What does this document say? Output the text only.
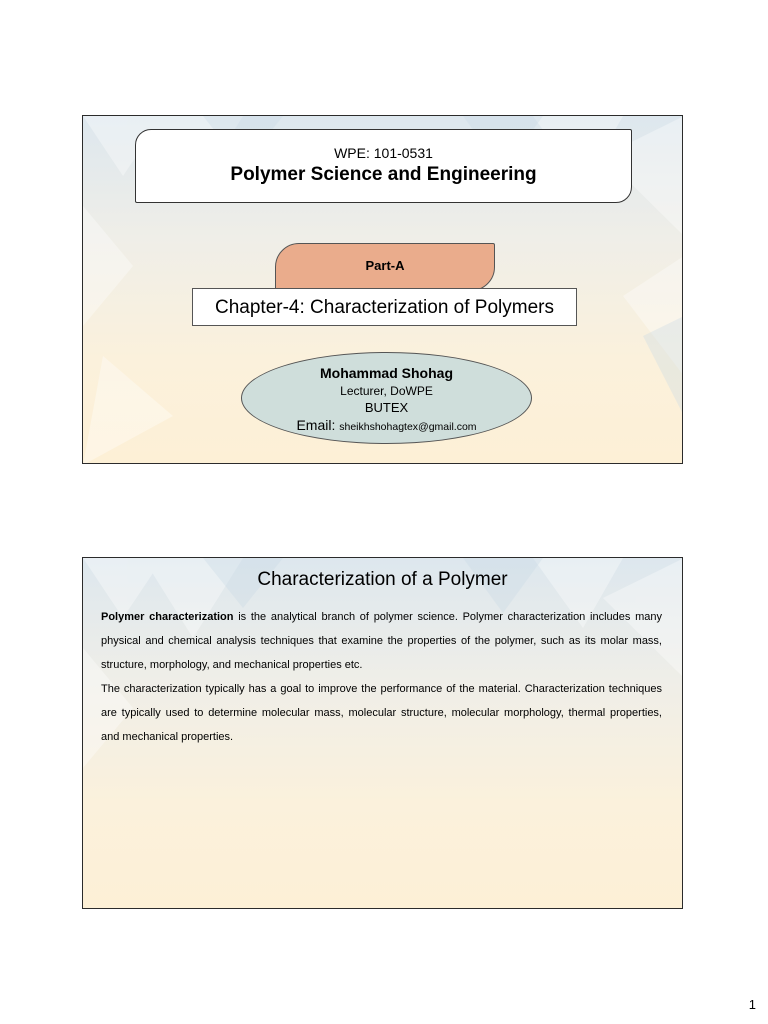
WPE: 101-0531
Polymer Science and Engineering
Part-A
Chapter-4: Characterization of Polymers
Mohammad Shohag
Lecturer, DoWPE
BUTEX
Email: sheikhshohagtex@gmail.com
Characterization of a Polymer

Polymer characterization is the analytical branch of polymer science. Polymer characterization includes many physical and chemical analysis techniques that examine the properties of the polymer, such as its molar mass, structure, morphology, and mechanical properties etc.

The characterization typically has a goal to improve the performance of the material. Characterization techniques are typically used to determine molecular mass, molecular structure, molecular morphology, thermal properties, and mechanical properties.

1
